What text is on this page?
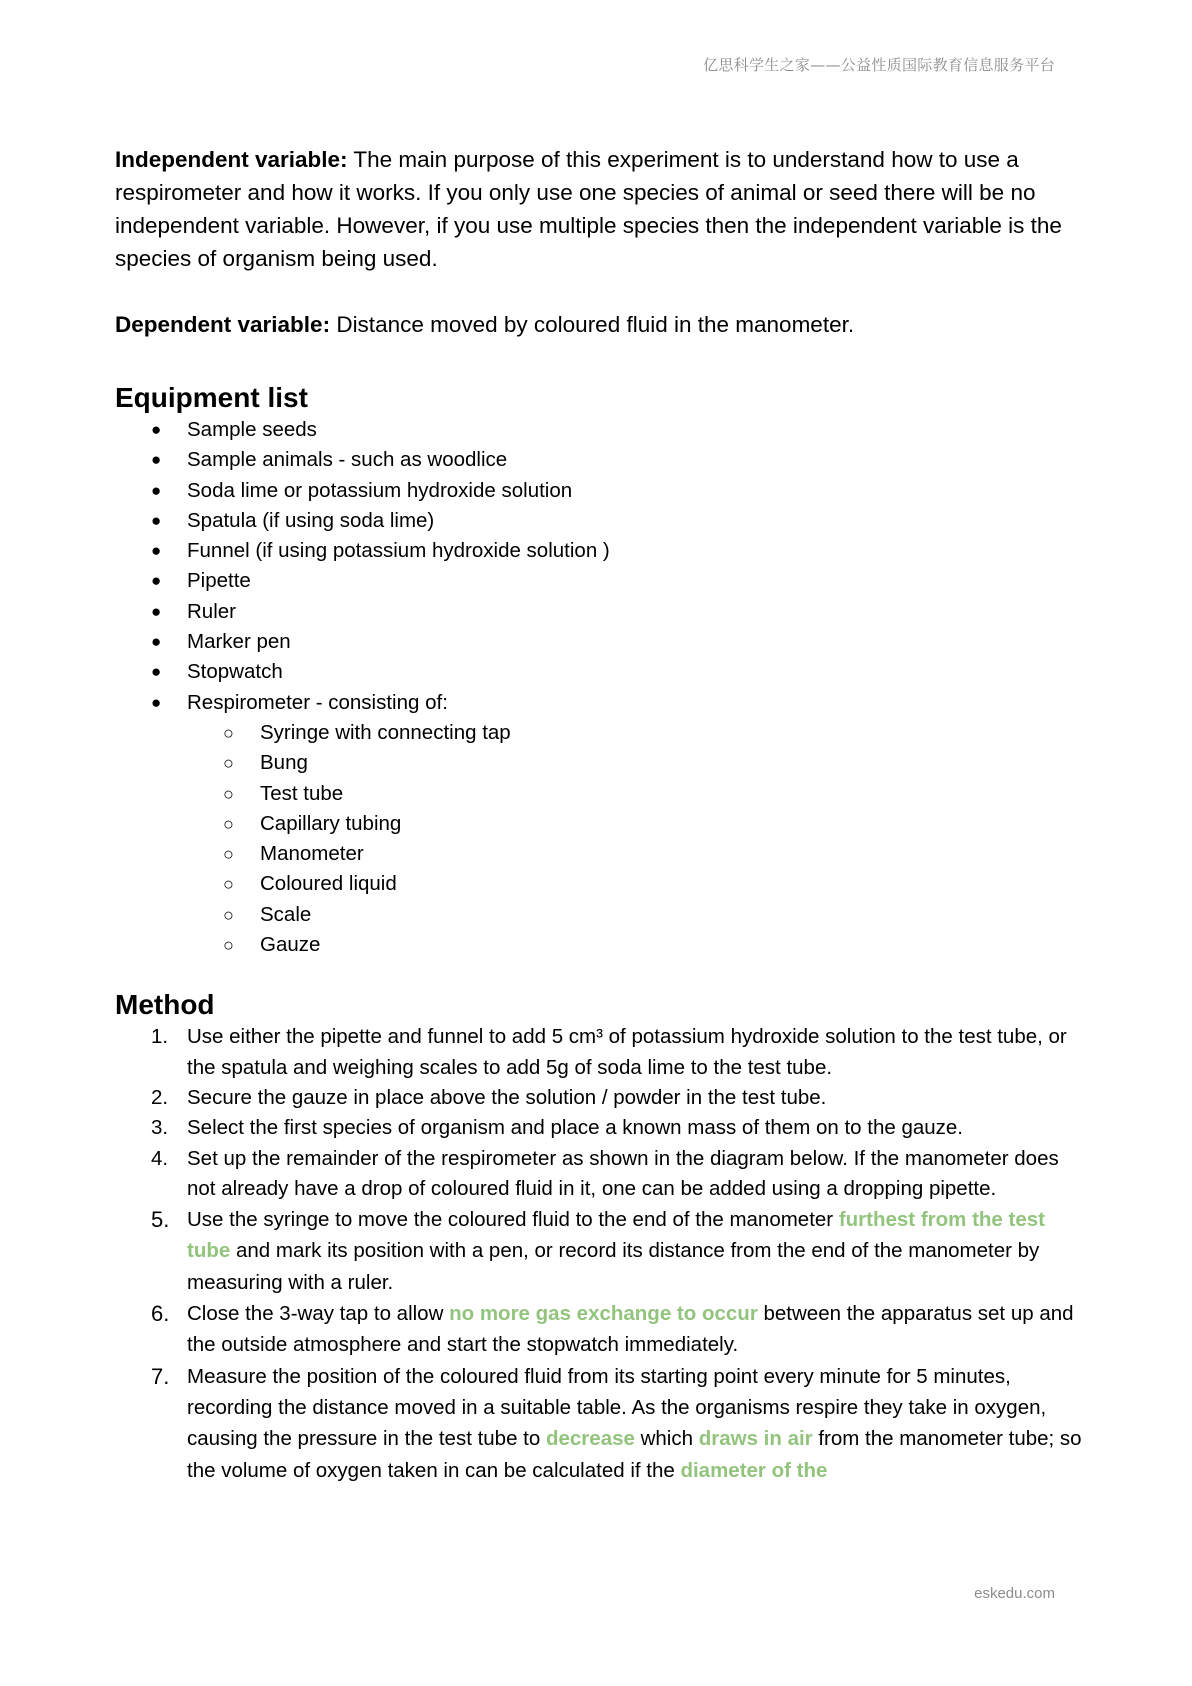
亿思科学生之家——公益性质国际教育信息服务平台

Independent variable: The main purpose of this experiment is to understand how to use a respirometer and how it works. If you only use one species of animal or seed there will be no independent variable. However, if you use multiple species then the independent variable is the species of organism being used.

Dependent variable: Distance moved by coloured fluid in the manometer.

Equipment list
● Sample seeds
● Sample animals - such as woodlice
● Soda lime or potassium hydroxide solution
● Spatula (if using soda lime)
● Funnel (if using potassium hydroxide solution )
● Pipette
● Ruler
● Marker pen
● Stopwatch
● Respirometer - consisting of:
○ Syringe with connecting tap
○ Bung
○ Test tube
○ Capillary tubing
○ Manometer
○ Coloured liquid
○ Scale
○ Gauze
Method
1. Use either the pipette and funnel to add 5 cm³ of potassium hydroxide solution to the test tube, or the spatula and weighing scales to add 5g of soda lime to the test tube.
2. Secure the gauze in place above the solution / powder in the test tube.
3. Select the first species of organism and place a known mass of them on to the gauze.
4. Set up the remainder of the respirometer as shown in the diagram below. If the manometer does not already have a drop of coloured fluid in it, one can be added using a dropping pipette.
5. Use the syringe to move the coloured fluid to the end of the manometer furthest from the test tube and mark its position with a pen, or record its distance from the end of the manometer by measuring with a ruler.
6. Close the 3-way tap to allow no more gas exchange to occur between the apparatus set up and the outside atmosphere and start the stopwatch immediately.
7. Measure the position of the coloured fluid from its starting point every minute for 5 minutes, recording the distance moved in a suitable table. As the organisms respire they take in oxygen, causing the pressure in the test tube to decrease which draws in air from the manometer tube; so the volume of oxygen taken in can be calculated if the diameter of the
eskedu.com
